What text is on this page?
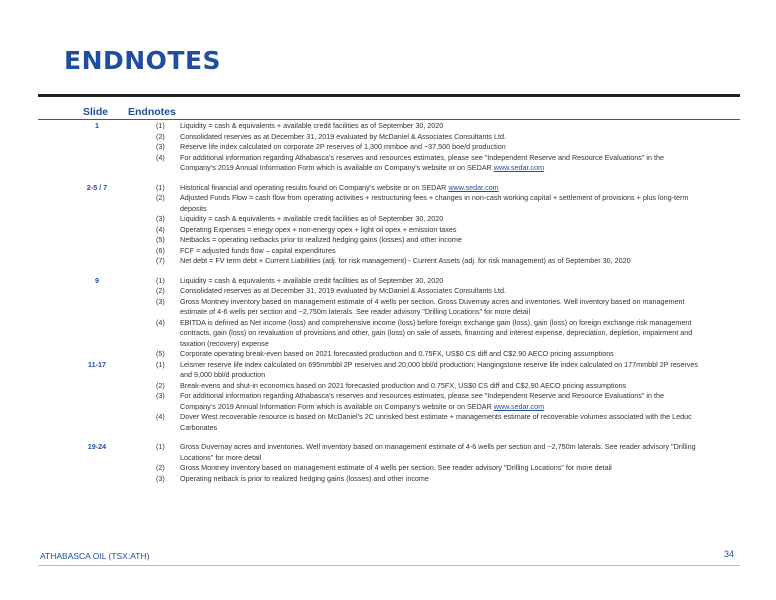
ENDNOTES
Slide Endnotes
1	(1)	Liquidity = cash & equivalents + available credit facilities as of September 30, 2020
(2)	Consolidated reserves as at December 31, 2019 evaluated by McDaniel & Associates Consultants Ltd.
(3)	Reserve life index calculated on corporate 2P reserves of 1,300 mmboe and ~37,500 boe/d production
(4)	For additional information regarding Athabasca’s reserves and resources estimates, please see "Independent Reserve and Resource Evaluations" in the Company’s 2019 Annual Information Form which is available on Company’s website or on SEDAR www.sedar.com
2-5 / 7	(1)	Historical financial and operating results found on Company’s website or on SEDAR www.sedar.com
(2)	Adjusted Funds Flow = cash flow from operating activities + restructuring fees + changes in non-cash working capital + settlement of provisions + plus long-term deposits
(3)	Liquidity = cash & equivalents + available credit facilities as of September 30, 2020
(4)	Operating Expenses = enegy opex + non-energy opex + light oil opex + emission taxes
(5)	Netbacks = operating netbacks prior to realized hedging gains (losses) and other income
(6)	FCF = adjusted funds flow – capital expenditures
(7)	Net debt = FV term debt + Current Liabilities (adj. for risk management) - Current Assets (adj. for risk management) as of September 30, 2020
9	(1)	Liquidity = cash & equivalents + available credit facilities as of September 30, 2020
(2)	Consolidated reserves as at December 31, 2019 evaluated by McDaniel & Associates Consultants Ltd.
(3)	Gross Montney inventory based on management estimate of 4 wells per section. Gross Duvernay acres and inventories. Well inventory based on management estimate of 4-6 wells per section and ~2,750m laterals. See reader advisory "Drilling Locations" for more detail
(4)	EBITDA is defined as Net income (loss) and comprehensive income (loss) before foreign exchange gain (loss), gain (loss) on foreign exchange risk management contracts, gain (loss) on revaluation of provisions and other, gain (loss) on sale of assets, financing and interest expense, depreciation, depletion, impairment and taxation (recovery) expense
(5)	Corporate operating break-even based on 2021 forecasted production and 0.75FX, US$0 CS diff and C$2.90 AECO pricing assumptions
11-17	(1)	Leismer reserve life index calculated on 695mmbbl 2P reserves and 20,000 bbl/d production; Hangingstone reserve life index calculated on 177mmbbl 2P reserves and 9,000 bbl/d production
(2)	Break-evens and shut-in economics based on 2021 forecasted production and 0.75FX, US$0 CS diff and C$2.90 AECO pricing assumptions
(3)	For additional information regarding Athabasca’s reserves and resources estimates, please see "Independent Reserve and Resource Evaluations" in the Company’s 2019 Annual Information Form which is available on Company’s website or on SEDAR www.sedar.com
(4)	Dover West recoverable resource is based on McDaniel’s 2C unrisked best estimate + managements estimate of recoverable volumes associated with the Leduc Carbonates
19-24	(1)	Gross Duvernay acres and inventories. Well inventory based on management estimate of 4-6 wells per section and ~2,750m laterals. See reader advisory "Drilling Locations" for more detail
(2)	Gross Montney inventory based on management estimate of 4 wells per section. See reader advisory "Drilling Locations" for more detail
(3)	Operating netback is prior to realized hedging gains (losses) and other income
ATHABASCA OIL (TSX:ATH)	34
